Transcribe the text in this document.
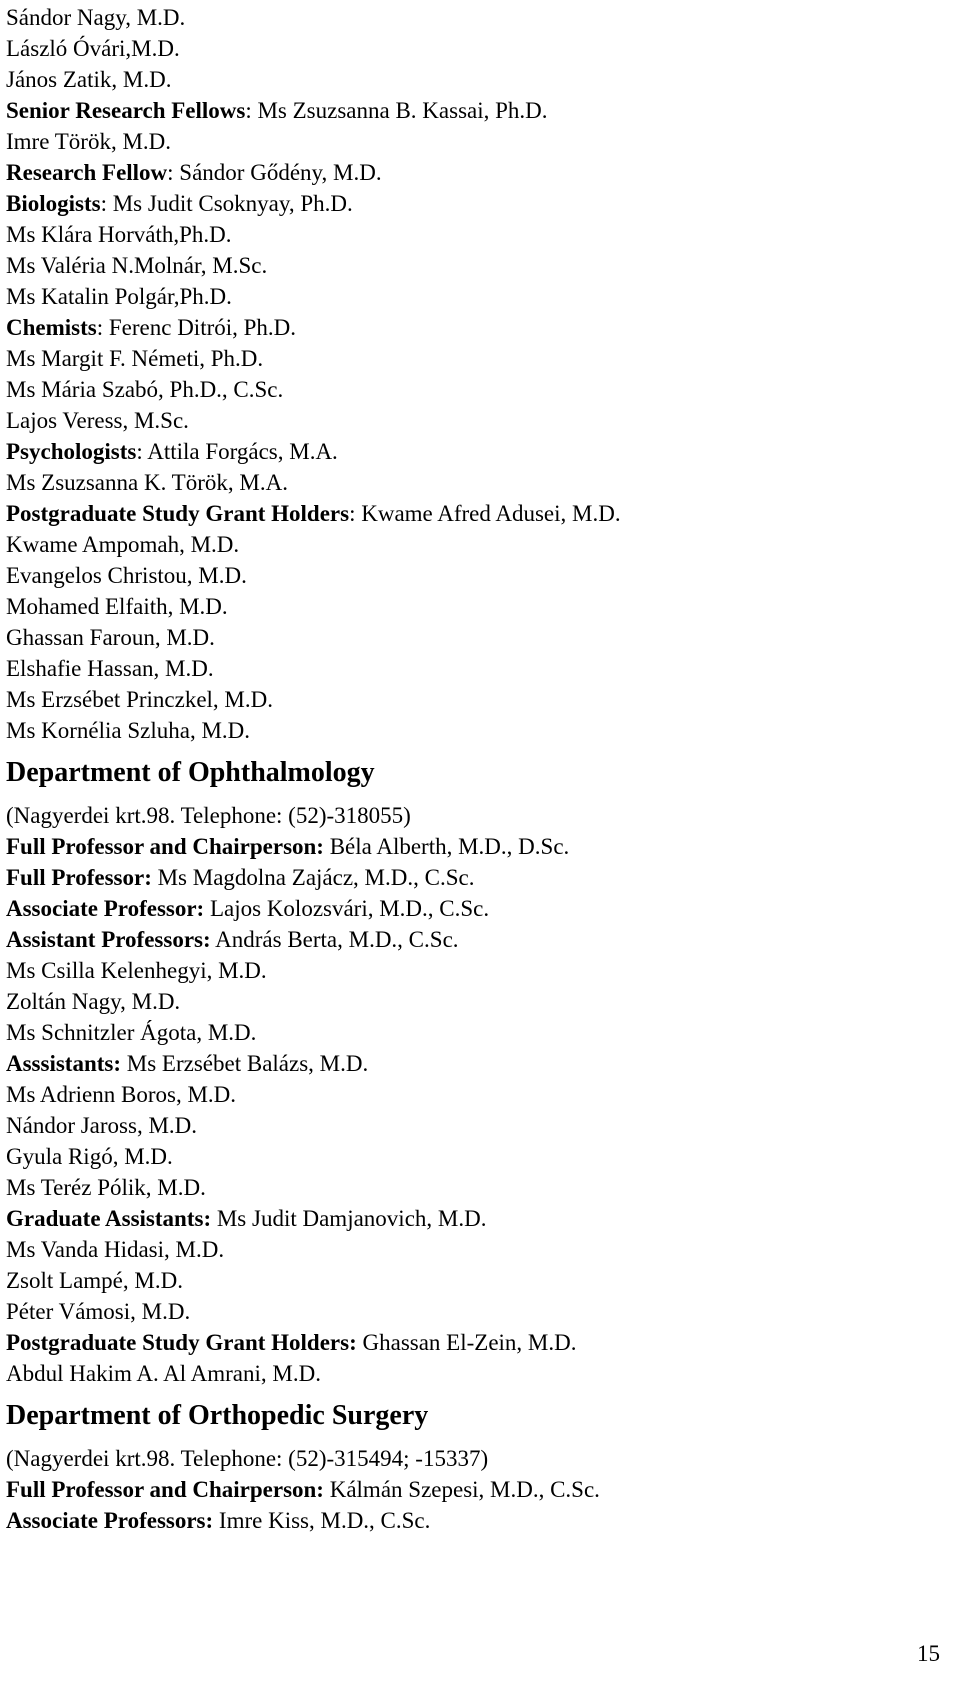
Sándor Nagy, M.D.
László Óvári,M.D.
János Zatik, M.D.
Senior Research Fellows: Ms Zsuzsanna B. Kassai, Ph.D.
Imre Török, M.D.
Research Fellow: Sándor Gődény, M.D.
Biologists: Ms Judit Csoknyay, Ph.D.
Ms Klára Horváth,Ph.D.
Ms Valéria N.Molnár, M.Sc.
Ms Katalin Polgár,Ph.D.
Chemists: Ferenc Ditrói, Ph.D.
Ms Margit F. Németi, Ph.D.
Ms Mária Szabó, Ph.D., C.Sc.
Lajos Veress, M.Sc.
Psychologists: Attila Forgács, M.A.
Ms Zsuzsanna K. Török, M.A.
Postgraduate Study Grant Holders: Kwame Afred Adusei, M.D.
Kwame Ampomah, M.D.
Evangelos Christou, M.D.
Mohamed Elfaith, M.D.
Ghassan Faroun, M.D.
Elshafie Hassan, M.D.
Ms Erzsébet Princzkel, M.D.
Ms Kornélia Szluha, M.D.
Department of Ophthalmology
(Nagyerdei krt.98. Telephone: (52)-318055)
Full Professor and Chairperson: Béla Alberth, M.D., D.Sc.
Full Professor: Ms Magdolna Zajácz, M.D., C.Sc.
Associate Professor: Lajos Kolozsvári, M.D., C.Sc.
Assistant Professors: András Berta, M.D., C.Sc.
Ms Csilla Kelenhegyi, M.D.
Zoltán Nagy, M.D.
Ms Schnitzler Ágota, M.D.
Asssistants: Ms Erzsébet Balázs, M.D.
Ms Adrienn Boros, M.D.
Nándor Jaross, M.D.
Gyula Rigó, M.D.
Ms Teréz Pólik, M.D.
Graduate Assistants: Ms Judit Damjanovich, M.D.
Ms Vanda Hidasi, M.D.
Zsolt Lampé, M.D.
Péter Vámosi, M.D.
Postgraduate Study Grant Holders: Ghassan El-Zein, M.D.
Abdul Hakim A. Al Amrani, M.D.
Department of Orthopedic Surgery
(Nagyerdei krt.98. Telephone: (52)-315494; -15337)
Full Professor and Chairperson: Kálmán Szepesi, M.D., C.Sc.
Associate Professors: Imre Kiss, M.D., C.Sc.
15
